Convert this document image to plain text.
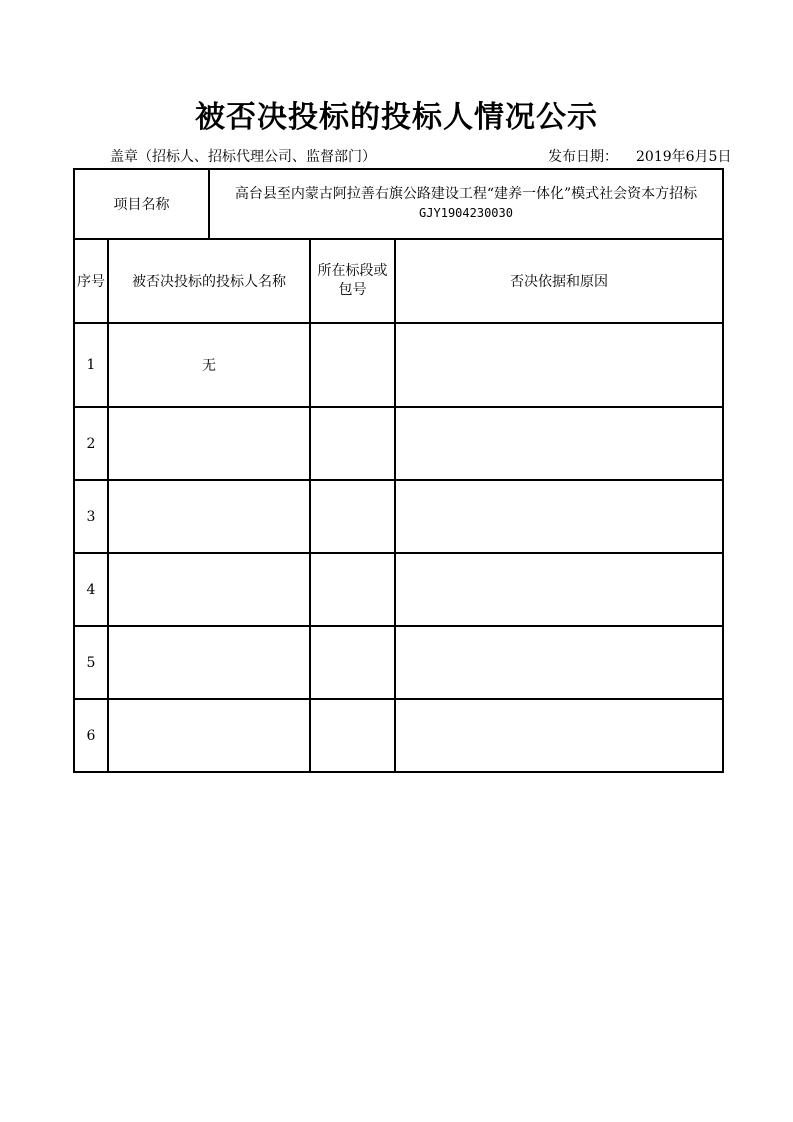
被否决投标的投标人情况公示
盖章（招标人、招标代理公司、监督部门）	发布日期： 2019年6月5日
项目名称		高台县至内蒙古阿拉善右旗公路建设工程“建养一体化”模式社会资本方招标
GJY1904230030		

序号	被否决投标的投标人名称		所在标段或包号	否决依据和原因
1	无			
2				
3				
4				
5				
6				
